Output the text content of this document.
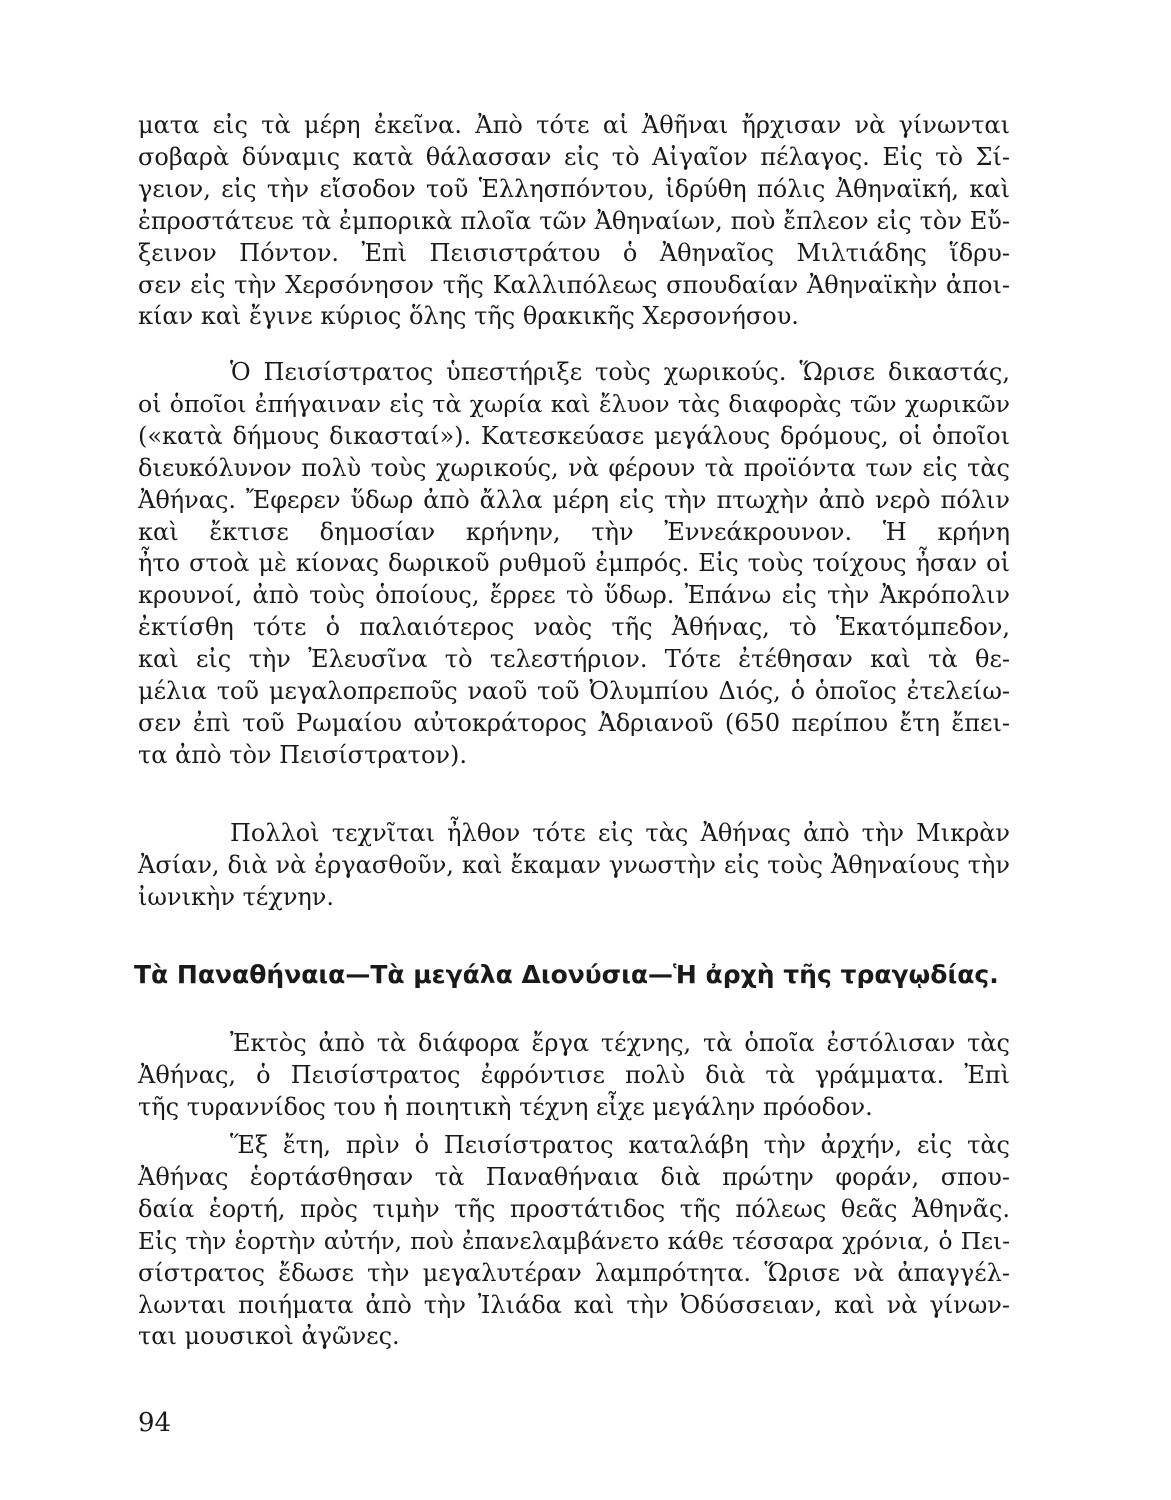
ματα εἰς τὰ μέρη ἐκεῖνα. Ἀπὸ τότε αἱ Ἀθῆναι ἤρχισαν νὰ γίνωνται
σοβαρὰ δύναμις κατὰ θάλασσαν εἰς τὸ Αἰγαῖον πέλαγος. Εἰς τὸ Σί-
γειον, εἰς τὴν εἴσοδον τοῦ Ἑλλησπόντου, ἱδρύθη πόλις Ἀθηναϊκή, καὶ
ἐπροστάτευε τὰ ἐμπορικὰ πλοῖα τῶν Ἀθηναίων, ποὺ ἔπλεον εἰς τὸν Εὔ-
ξεινον Πόντον. Ἐπὶ Πεισιστράτου ὁ Ἀθηναῖος Μιλτιάδης ἵδρυ-
σεν εἰς τὴν Χερσόνησον τῆς Καλλιπόλεως σπουδαίαν Ἀθηναϊκὴν ἀποι-
κίαν καὶ ἔγινε κύριος ὅλης τῆς θρακικῆς Χερσονήσου.
Ὁ Πεισίστρατος ὑπεστήριξε τοὺς χωρικούς. Ὥρισε δικαστάς,
οἱ ὁποῖοι ἐπήγαιναν εἰς τὰ χωρία καὶ ἔλυον τὰς διαφορὰς τῶν χωρικῶν
(«κατὰ δήμους δικασταί»). Κατεσκεύασε μεγάλους δρόμους, οἱ ὁποῖοι
διευκόλυνον πολὺ τοὺς χωρικούς, νὰ φέρουν τὰ προϊόντα των εἰς τὰς
Ἀθήνας. Ἔφερεν ὕδωρ ἀπὸ ἄλλα μέρη εἰς τὴν πτωχὴν ἀπὸ νερὸ πόλιν
καὶ ἔκτισε δημοσίαν κρήνην, τὴν Ἐννεάκρουνον. Ἡ κρήνη
ἦτο στοὰ μὲ κίονας δωρικοῦ ρυθμοῦ ἐμπρός. Εἰς τοὺς τοίχους ἦσαν οἱ
κρουνοί, ἀπὸ τοὺς ὁποίους, ἔρρεε τὸ ὕδωρ. Ἐπάνω εἰς τὴν Ἀκρόπολιν
ἐκτίσθη τότε ὁ παλαιότερος ναὸς τῆς Ἀθήνας, τὸ Ἑκατόμπεδον,
καὶ εἰς τὴν Ἐλευσῖνα τὸ τελεστήριον. Τότε ἐτέθησαν καὶ τὰ θε-
μέλια τοῦ μεγαλοπρεποῦς ναοῦ τοῦ Ὀλυμπίου Διός, ὁ ὁποῖος ἐτελείω-
σεν ἐπὶ τοῦ Ρωμαίου αὐτοκράτορος Ἀδριανοῦ (650 περίπου ἔτη ἔπει-
τα ἀπὸ τὸν Πεισίστρατον).
Πολλοὶ τεχνῖται ἦλθον τότε εἰς τὰς Ἀθήνας ἀπὸ τὴν Μικρὰν
Ἀσίαν, διὰ νὰ ἐργασθοῦν, καὶ ἔκαμαν γνωστὴν εἰς τοὺς Ἀθηναίους τὴν
ἰωνικὴν τέχνην.
Τὰ Παναθήναια—Τὰ μεγάλα Διονύσια—Ἡ ἀρχὴ τῆς τραγῳδίας.
Ἐκτὸς ἀπὸ τὰ διάφορα ἔργα τέχνης, τὰ ὁποῖα ἐστόλισαν τὰς
Ἀθήνας, ὁ Πεισίστρατος ἐφρόντισε πολὺ διὰ τὰ γράμματα. Ἐπὶ
τῆς τυραννίδος του ἡ ποιητικὴ τέχνη εἶχε μεγάλην πρόοδον.
Ἕξ ἔτη, πρὶν ὁ Πεισίστρατος καταλάβη τὴν ἀρχήν, εἰς τὰς
Ἀθήνας ἑορτάσθησαν τὰ Παναθήναια διὰ πρώτην φοράν, σπου-
δαία ἑορτή, πρὸς τιμὴν τῆς προστάτιδος τῆς πόλεως θεᾶς Ἀθηνᾶς.
Εἰς τὴν ἑορτὴν αὐτήν, ποὺ ἐπανελαμβάνετο κάθε τέσσαρα χρόνια, ὁ Πει-
σίστρατος ἔδωσε τὴν μεγαλυτέραν λαμπρότητα. Ὥρισε νὰ ἀπαγγέλ-
λωνται ποιήματα ἀπὸ τὴν Ἰλιάδα καὶ τὴν Ὀδύσσειαν, καὶ νὰ γίνων-
ται μουσικοὶ ἀγῶνες.
94
